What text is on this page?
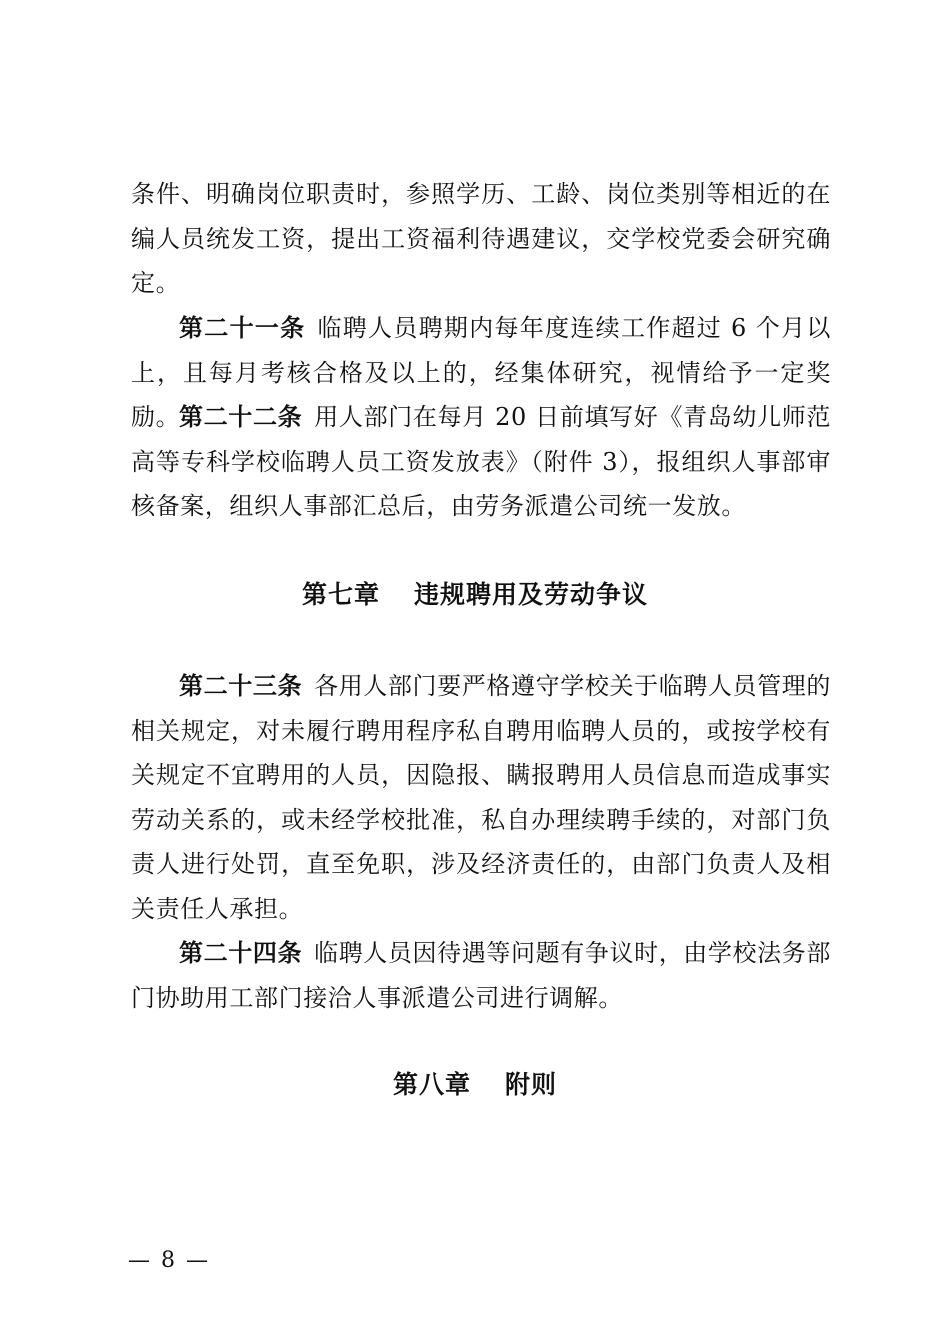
条件、明确岗位职责时，参照学历、工龄、岗位类别等相近的在编人员统发工资，提出工资福利待遇建议，交学校党委会研究确定。

第二十一条 临聘人员聘期内每年度连续工作超过 6 个月以上，且每月考核合格及以上的，经集体研究，视情给予一定奖励。

第二十二条 用人部门在每月 20 日前填写好《青岛幼儿师范高等专科学校临聘人员工资发放表》（附件 3），报组织人事部审核备案，组织人事部汇总后，由劳务派遣公司统一发放。

第七章 违规聘用及劳动争议

第二十三条 各用人部门要严格遵守学校关于临聘人员管理的相关规定，对未履行聘用程序私自聘用临聘人员的，或按学校有关规定不宜聘用的人员，因隐报、瞒报聘用人员信息而造成事实劳动关系的，或未经学校批准，私自办理续聘手续的，对部门负责人进行处罚，直至免职，涉及经济责任的，由部门负责人及相关责任人承担。

第二十四条 临聘人员因待遇等问题有争议时，由学校法务部门协助用工部门接洽人事派遣公司进行调解。

第八章 附则
— 8 —
